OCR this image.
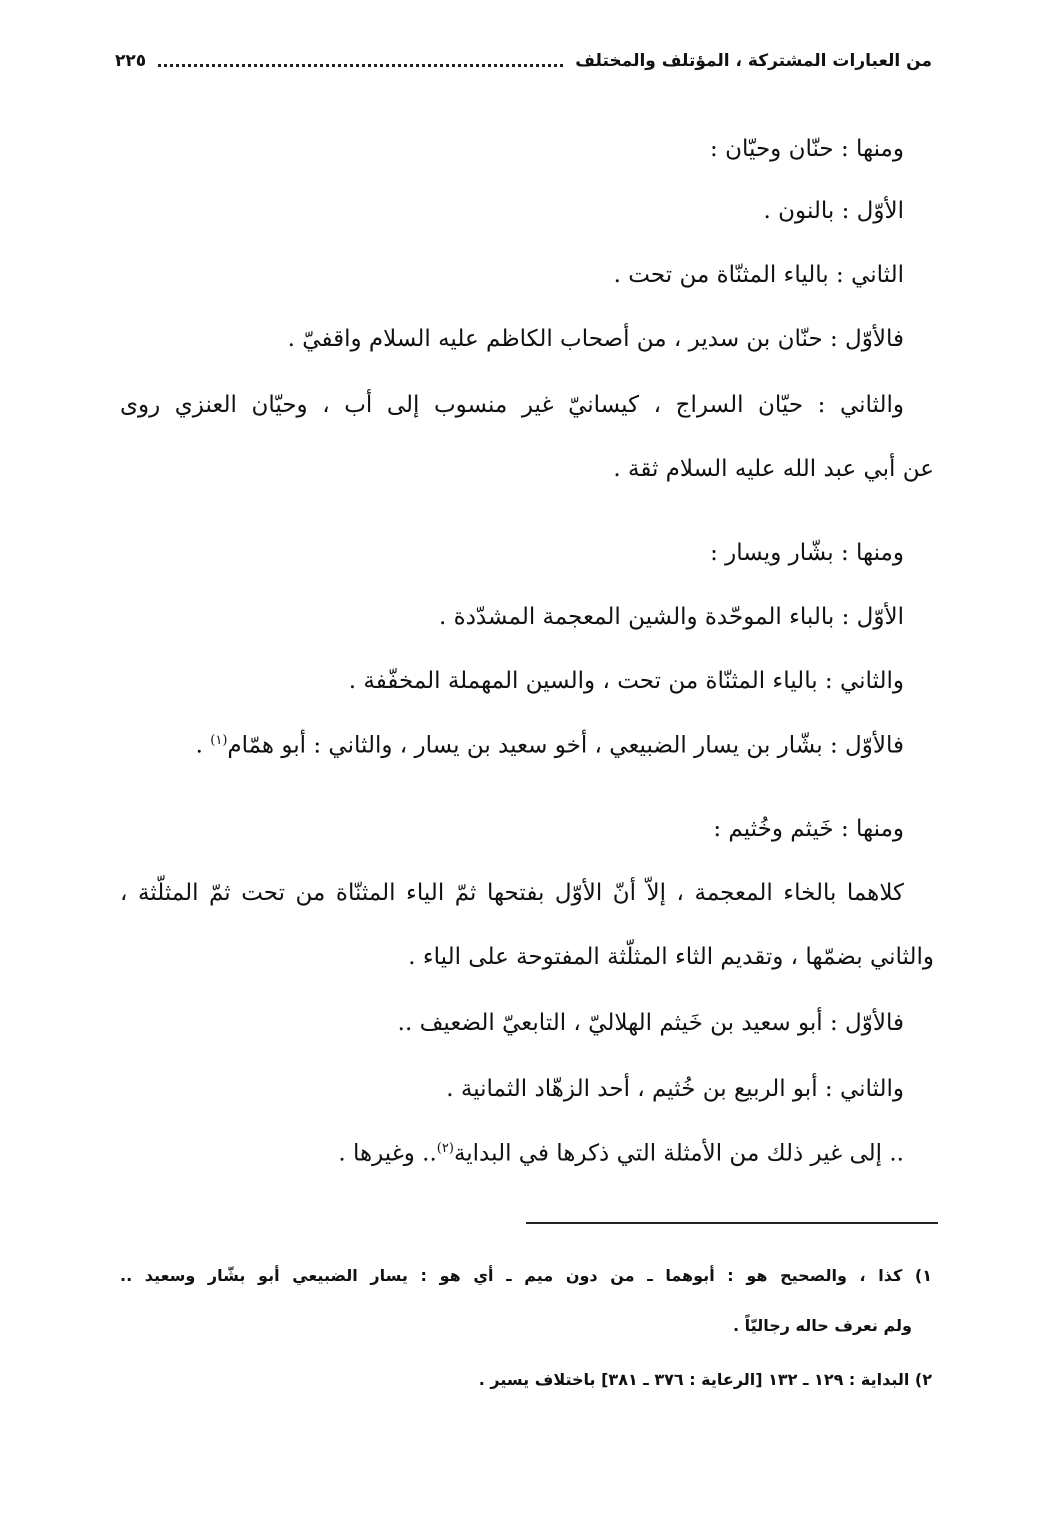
من العبارات المشتركة ، المؤتلف والمختلف
٢٢٥
ومنها : حنّان وحيّان :
الأوّل : بالنون .
الثاني : بالياء المثنّاة من تحت .
فالأوّل : حنّان بن سدير ، من أصحاب الكاظم عليه السلام واقفيّ .
والثاني : حيّان السراج ، كيسانيّ غير منسوب إلى أب ، وحيّان العنزي روى
عن أبي عبد الله عليه السلام ثقة .
ومنها : بشّار ويسار :
الأوّل : بالباء الموحّدة والشين المعجمة المشدّدة .
والثاني : بالياء المثنّاة من تحت ، والسين المهملة المخفّفة .
فالأوّل : بشّار بن يسار الضبيعي ، أخو سعيد بن يسار ، والثاني : أبو همّام$^{(١)}$ .
ومنها : خَيثم وخُثيم :
كلاهما بالخاء المعجمة ، إلاّ أنّ الأوّل بفتحها ثمّ الياء المثنّاة من تحت ثمّ المثلّثة ،
والثاني بضمّها ، وتقديم الثاء المثلّثة المفتوحة على الياء .
فالأوّل : أبو سعيد بن خَيثم الهلاليّ ، التابعيّ الضعيف ..
والثاني : أبو الربيع بن خُثيم ، أحد الزهّاد الثمانية .
.. إلى غير ذلك من الأمثلة التي ذكرها في البداية$^{(٢)}$.. وغيرها .
١) كذا ، والصحيح هو : أبوهما ـ من دون ميم ـ أي هو : يسار الضبيعي أبو بشّار وسعيد ..
ولم نعرف حاله رجاليّاً .
٢) البداية : ١٢٩ ـ ١٣٢ [الرعاية : ٣٧٦ ـ ٣٨١] باختلاف يسير .
